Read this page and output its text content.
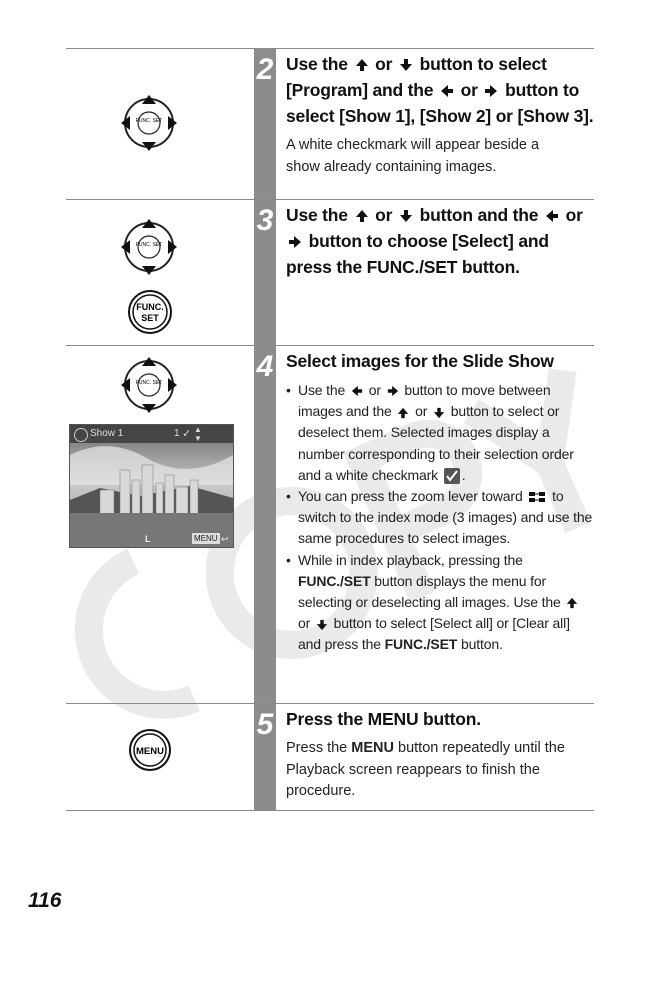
FUNC. SET
2 Use the or button to select [Program] and the or button to select [Show 1], [Show 2] or [Show 3].

A white checkmark will appear beside a
show already containing images.

FUNC. SET
FUNC.
SET
3 Use the or button and the or
button to choose [Select] and press the FUNC./SET button.
FUNC. SET
Show 1	1 ✓ ▲
▼
L	MENU ↩
4 Select images for the Slide Show
• Use the or button to move between images and the or button to select or deselect them. Selected images display a number corresponding to their selection order and a white checkmark .
• You can press the zoom lever toward to switch to the index mode (3 images) and use the same procedures to select images.
• While in index playback, pressing the FUNC./SET button displays the menu for selecting or deselecting all images. Use the
or button to select [Select all] or [Clear all] and press the FUNC./SET button.
MENU
5 Press the MENU button.

Press the MENU button repeatedly until the Playback screen reappears to finish the procedure.

116
